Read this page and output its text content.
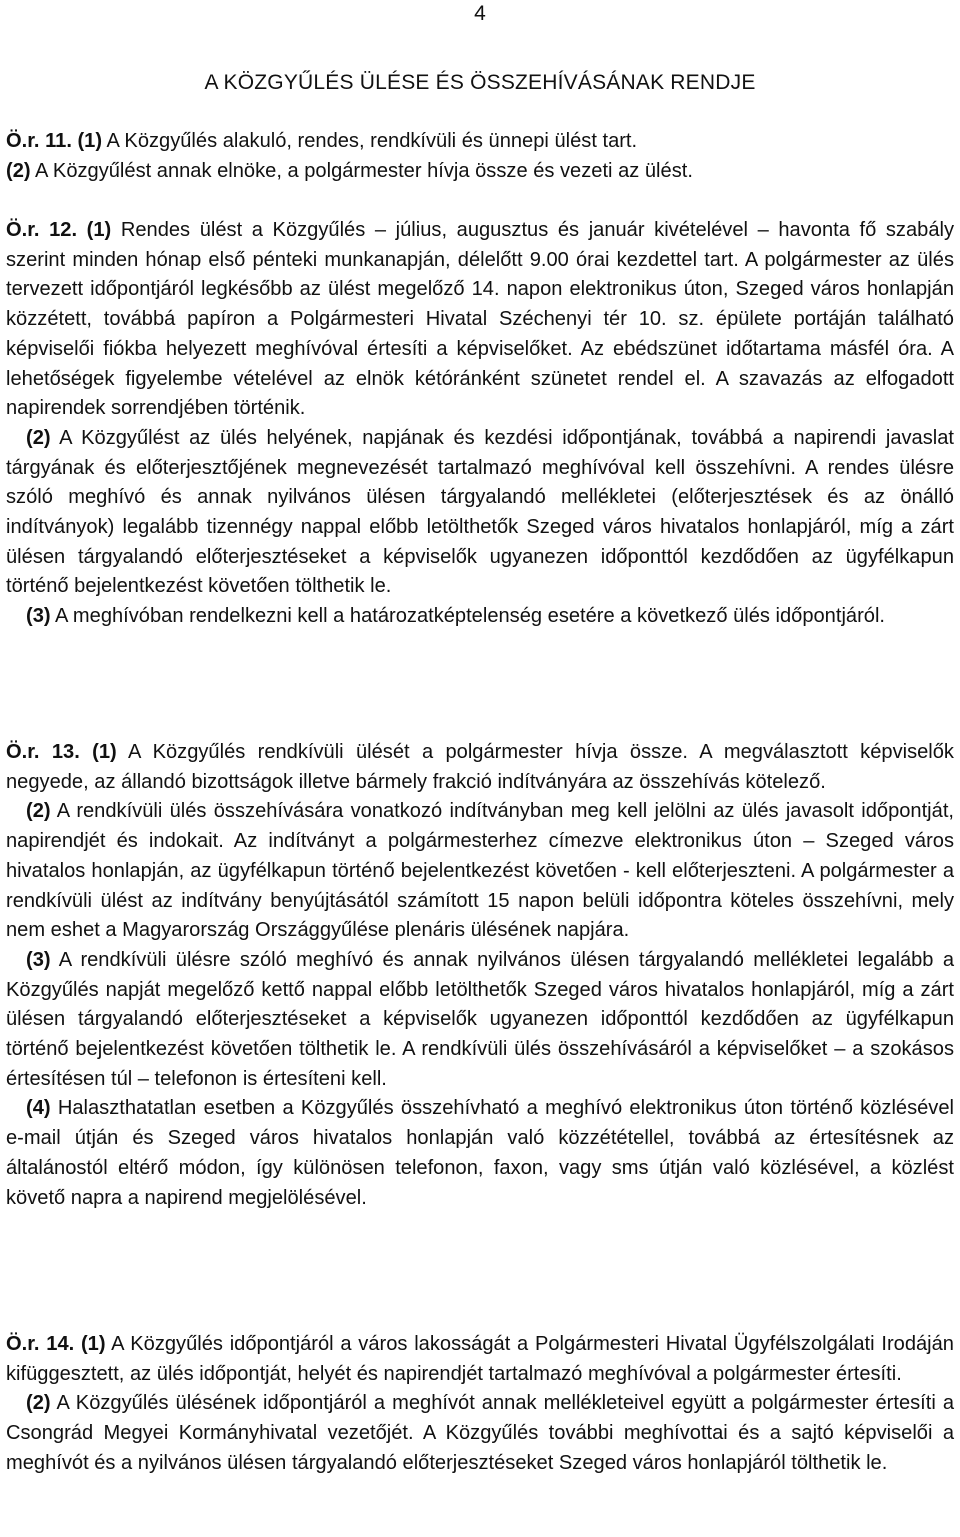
4
A KÖZGYŰLÉS ÜLÉSE ÉS ÖSSZEHÍVÁSÁNAK RENDJE

Ö.r. 11. (1) A Közgyűlés alakuló, rendes, rendkívüli és ünnepi ülést tart.

(2) A Közgyűlést annak elnöke, a polgármester hívja össze és vezeti az ülést.

Ö.r. 12. (1) Rendes ülést a Közgyűlés – július, augusztus és január kivételével – havonta fő szabály szerint minden hónap első pénteki munkanapján, délelőtt 9.00 órai kezdettel tart. A polgármester az ülés tervezett időpontjáról legkésőbb az ülést megelőző 14. napon elektronikus úton, Szeged város honlapján közzétett, továbbá papíron a Polgármesteri Hivatal Széchenyi tér 10. sz. épülete portáján található képviselői fiókba helyezett meghívóval értesíti a képviselőket. Az ebédszünet időtartama másfél óra. A lehetőségek figyelembe vételével az elnök kétóránként szünetet rendel el. A szavazás az elfogadott napirendek sorrendjében történik.

(2) A Közgyűlést az ülés helyének, napjának és kezdési időpontjának, továbbá a napirendi javaslat tárgyának és előterjesztőjének megnevezését tartalmazó meghívóval kell összehívni. A rendes ülésre szóló meghívó és annak nyilvános ülésen tárgyalandó mellékletei (előterjesztések és az önálló indítványok) legalább tizennégy nappal előbb letölthetők Szeged város hivatalos honlapjáról, míg a zárt ülésen tárgyalandó előterjesztéseket a képviselők ugyanezen időponttól kezdődően az ügyfélkapun történő bejelentkezést követően tölthetik le.

(3) A meghívóban rendelkezni kell a határozatképtelenség esetére a következő ülés időpontjáról.

Ö.r. 13. (1) A Közgyűlés rendkívüli ülését a polgármester hívja össze. A megválasztott képviselők negyede, az állandó bizottságok illetve bármely frakció indítványára az összehívás kötelező.

(2) A rendkívüli ülés összehívására vonatkozó indítványban meg kell jelölni az ülés javasolt időpontját, napirendjét és indokait. Az indítványt a polgármesterhez címezve elektronikus úton – Szeged város hivatalos honlapján, az ügyfélkapun történő bejelentkezést követően - kell előterjeszteni. A polgármester a rendkívüli ülést az indítvány benyújtásától számított 15 napon belüli időpontra köteles összehívni, mely nem eshet a Magyarország Országgyűlése plenáris ülésének napjára.

(3) A rendkívüli ülésre szóló meghívó és annak nyilvános ülésen tárgyalandó mellékletei legalább a Közgyűlés napját megelőző kettő nappal előbb letölthetők Szeged város hivatalos honlapjáról, míg a zárt ülésen tárgyalandó előterjesztéseket a képviselők ugyanezen időponttól kezdődően az ügyfélkapun történő bejelentkezést követően tölthetik le. A rendkívüli ülés összehívásáról a képviselőket – a szokásos értesítésen túl – telefonon is értesíteni kell.

(4) Halaszthatatlan esetben a Közgyűlés összehívható a meghívó elektronikus úton történő közlésével e-mail útján és Szeged város hivatalos honlapján való közzététellel, továbbá az értesítésnek az általánostól eltérő módon, így különösen telefonon, faxon, vagy sms útján való közlésével, a közlést követő napra a napirend megjelölésével.

Ö.r. 14. (1) A Közgyűlés időpontjáról a város lakosságát a Polgármesteri Hivatal Ügyfélszolgálati Irodáján kifüggesztett, az ülés időpontját, helyét és napirendjét tartalmazó meghívóval a polgármester értesíti.

(2) A Közgyűlés ülésének időpontjáról a meghívót annak mellékleteivel együtt a polgármester értesíti a Csongrád Megyei Kormányhivatal vezetőjét. A Közgyűlés további meghívottai és a sajtó képviselői a meghívót és a nyilvános ülésen tárgyalandó előterjesztéseket Szeged város honlapjáról tölthetik le.
